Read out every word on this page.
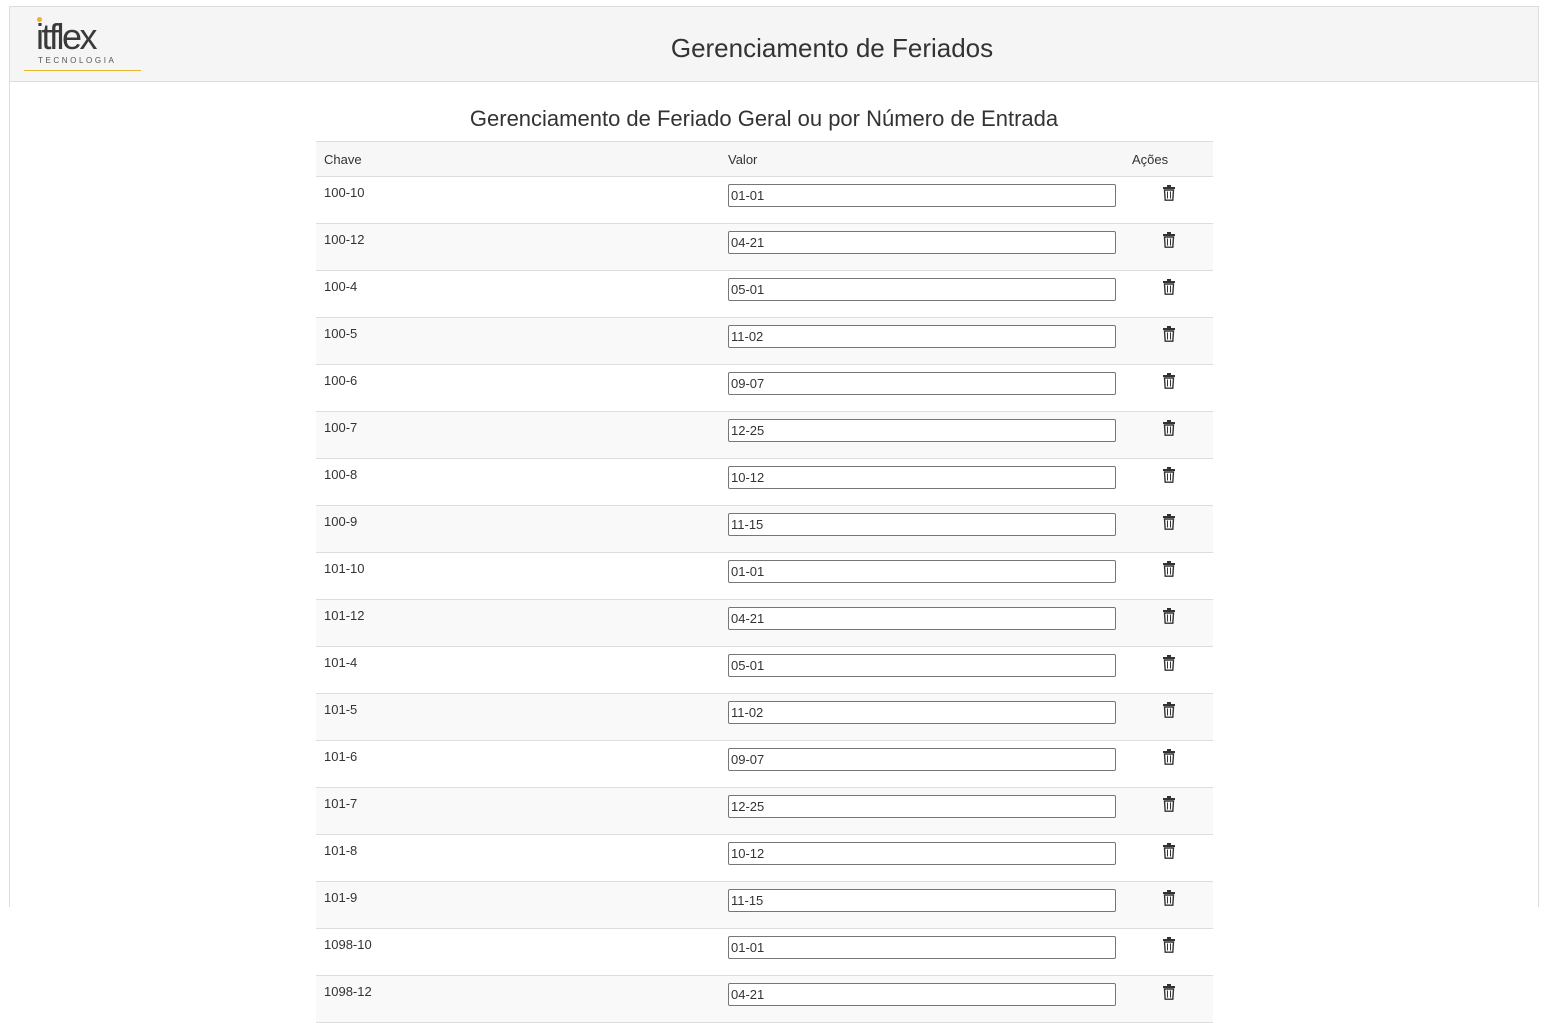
itflex
TECNOLOGIA	Gerenciamento de Feriados
Gerenciamento de Feriado Geral ou por Número de Entrada
Chave	Valor	Ações
100-10	01-01	
100-12	04-21	
100-4	05-01	
100-5	11-02	
100-6	09-07	
100-7	12-25	
100-8	10-12	
100-9	11-15	
101-10	01-01	
101-12	04-21	
101-4	05-01	
101-5	11-02	
101-6	09-07	
101-7	12-25	
101-8	10-12	
101-9	11-15	
1098-10	01-01	
1098-12	04-21	
